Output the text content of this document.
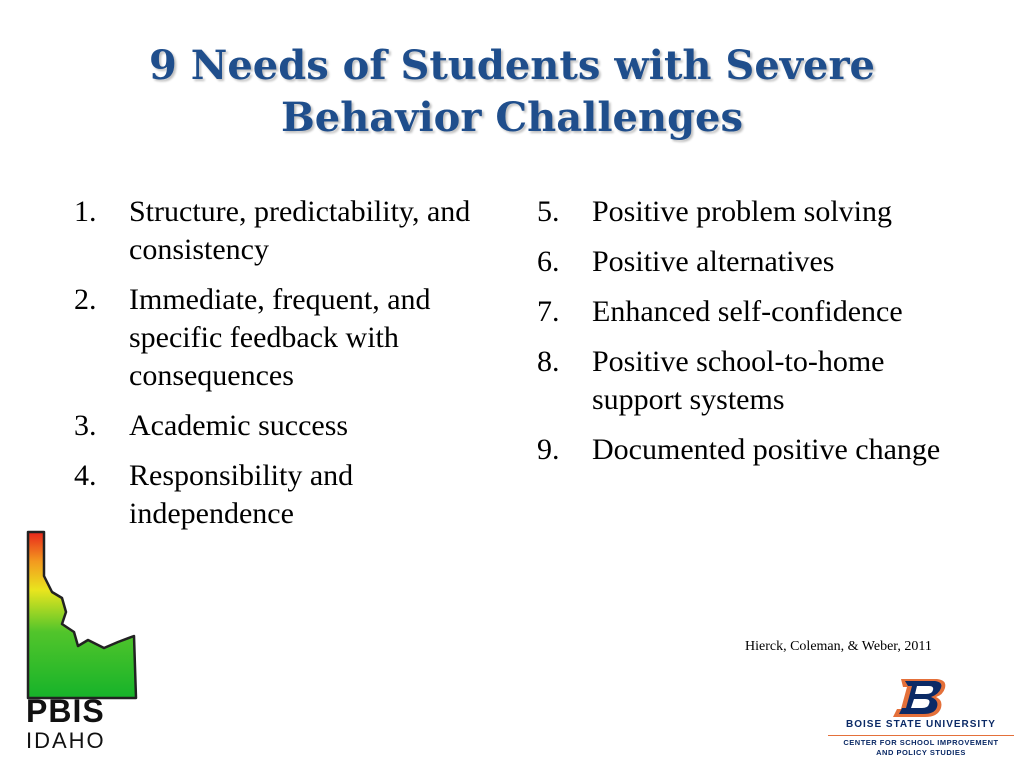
9 Needs of Students with Severe
Behavior Challenges
1. Structure, predictability, and consistency
2. Immediate, frequent, and specific feedback with consequences
3. Academic success
4. Responsibility and independence
5. Positive problem solving
6. Positive alternatives
7. Enhanced self-confidence
8. Positive school-to-home support systems
9. Documented positive change
Hierck, Coleman, & Weber, 2011
PBIS
IDAHO
BOISE STATE UNIVERSITY
CENTER FOR SCHOOL IMPROVEMENT
AND POLICY STUDIES
